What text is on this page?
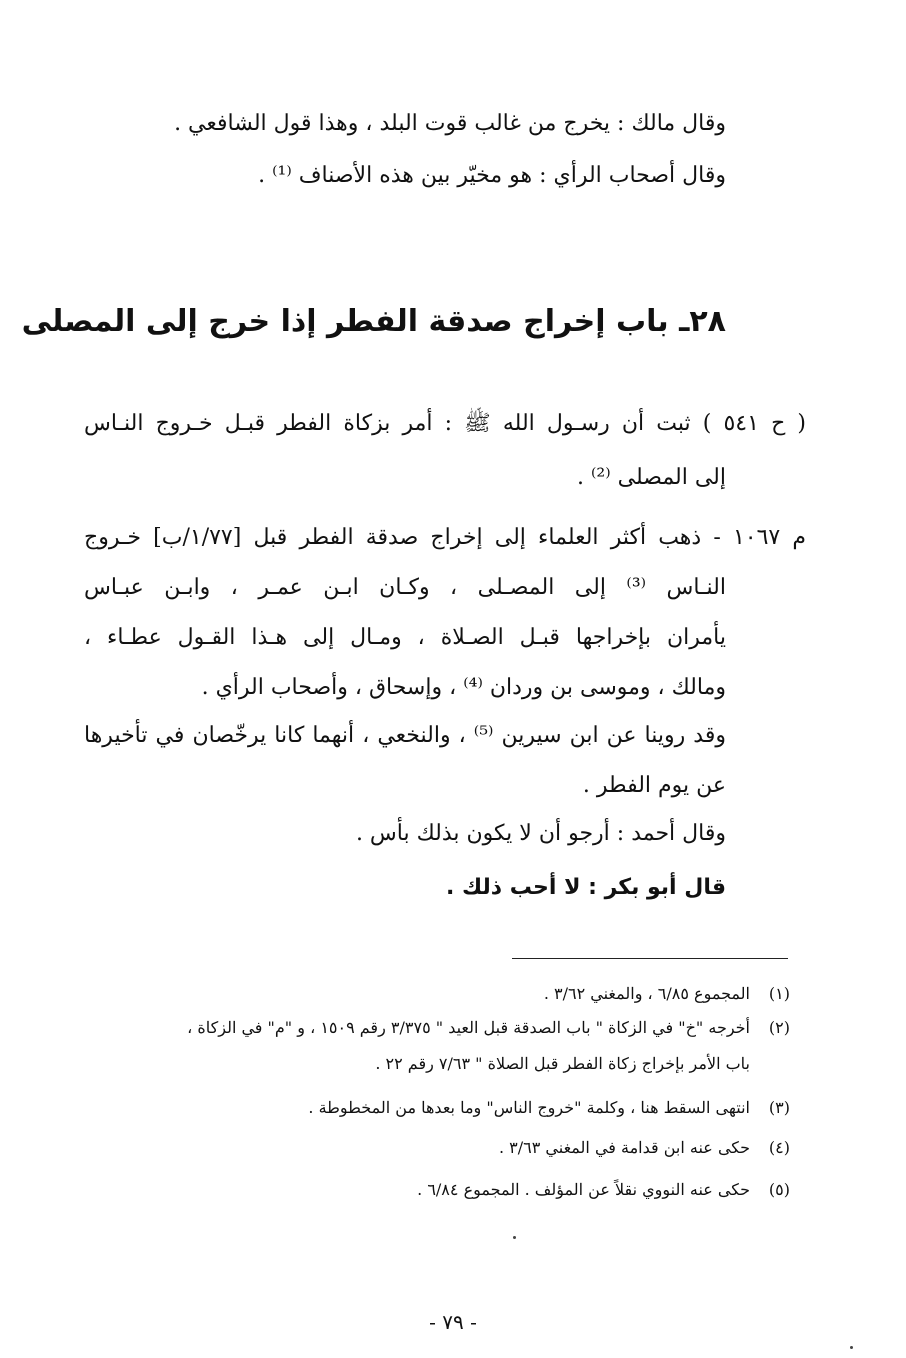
وقال مالك : يخرج من غالب قوت البلد ، وهذا قول الشافعي .
وقال أصحاب الرأي : هو مخيّر بين هذه الأصناف ⁽¹⁾ .
٢٨ـ باب إخراج صدقة الفطر إذا خرج إلى المصلى
( ح ٥٤١ ) ثبت أن رسـول الله ﷺ : أمر بزكاة الفطر قبـل خـروج النـاس
إلى المصلى ⁽²⁾ .
م ١٠٦٧ - ذهب أكثر العلماء إلى إخراج صدقة الفطر قبل [١/٧٧/ب] خـروج
النـاس ⁽³⁾ إلى المصـلى ، وكـان ابـن عمـر ، وابـن عبـاس
يأمران بإخراجها قبـل الصـلاة ، ومـال إلى هـذا القـول عطـاء ،
ومالك ، وموسى بن وردان ⁽⁴⁾ ، وإسحاق ، وأصحاب الرأي .
وقد روينا عن ابن سيرين ⁽⁵⁾ ، والنخعي ، أنهما كانا يرخّصان في تأخيرها
عن يوم الفطر .
وقال أحمد : أرجو أن لا يكون بذلك بأس .
قال أبو بكر : لا أحب ذلك .
(١)المجموع ٦/٨٥ ، والمغني ٣/٦٢ .
(٢)أخرجه "خ" في الزكاة " باب الصدقة قبل العيد " ٣/٣٧٥ رقم ١٥٠٩ ، و "م" في الزكاة ،
باب الأمر بإخراج زكاة الفطر قبل الصلاة " ٧/٦٣ رقم ٢٢ .
(٣)انتهى السقط هنا ، وكلمة "خروج الناس" وما بعدها من المخطوطة .
(٤)حكى عنه ابن قدامة في المغني ٣/٦٣ .
(٥)حكى عنه النووي نقلاً عن المؤلف . المجموع ٦/٨٤ .
- ٧٩ -
